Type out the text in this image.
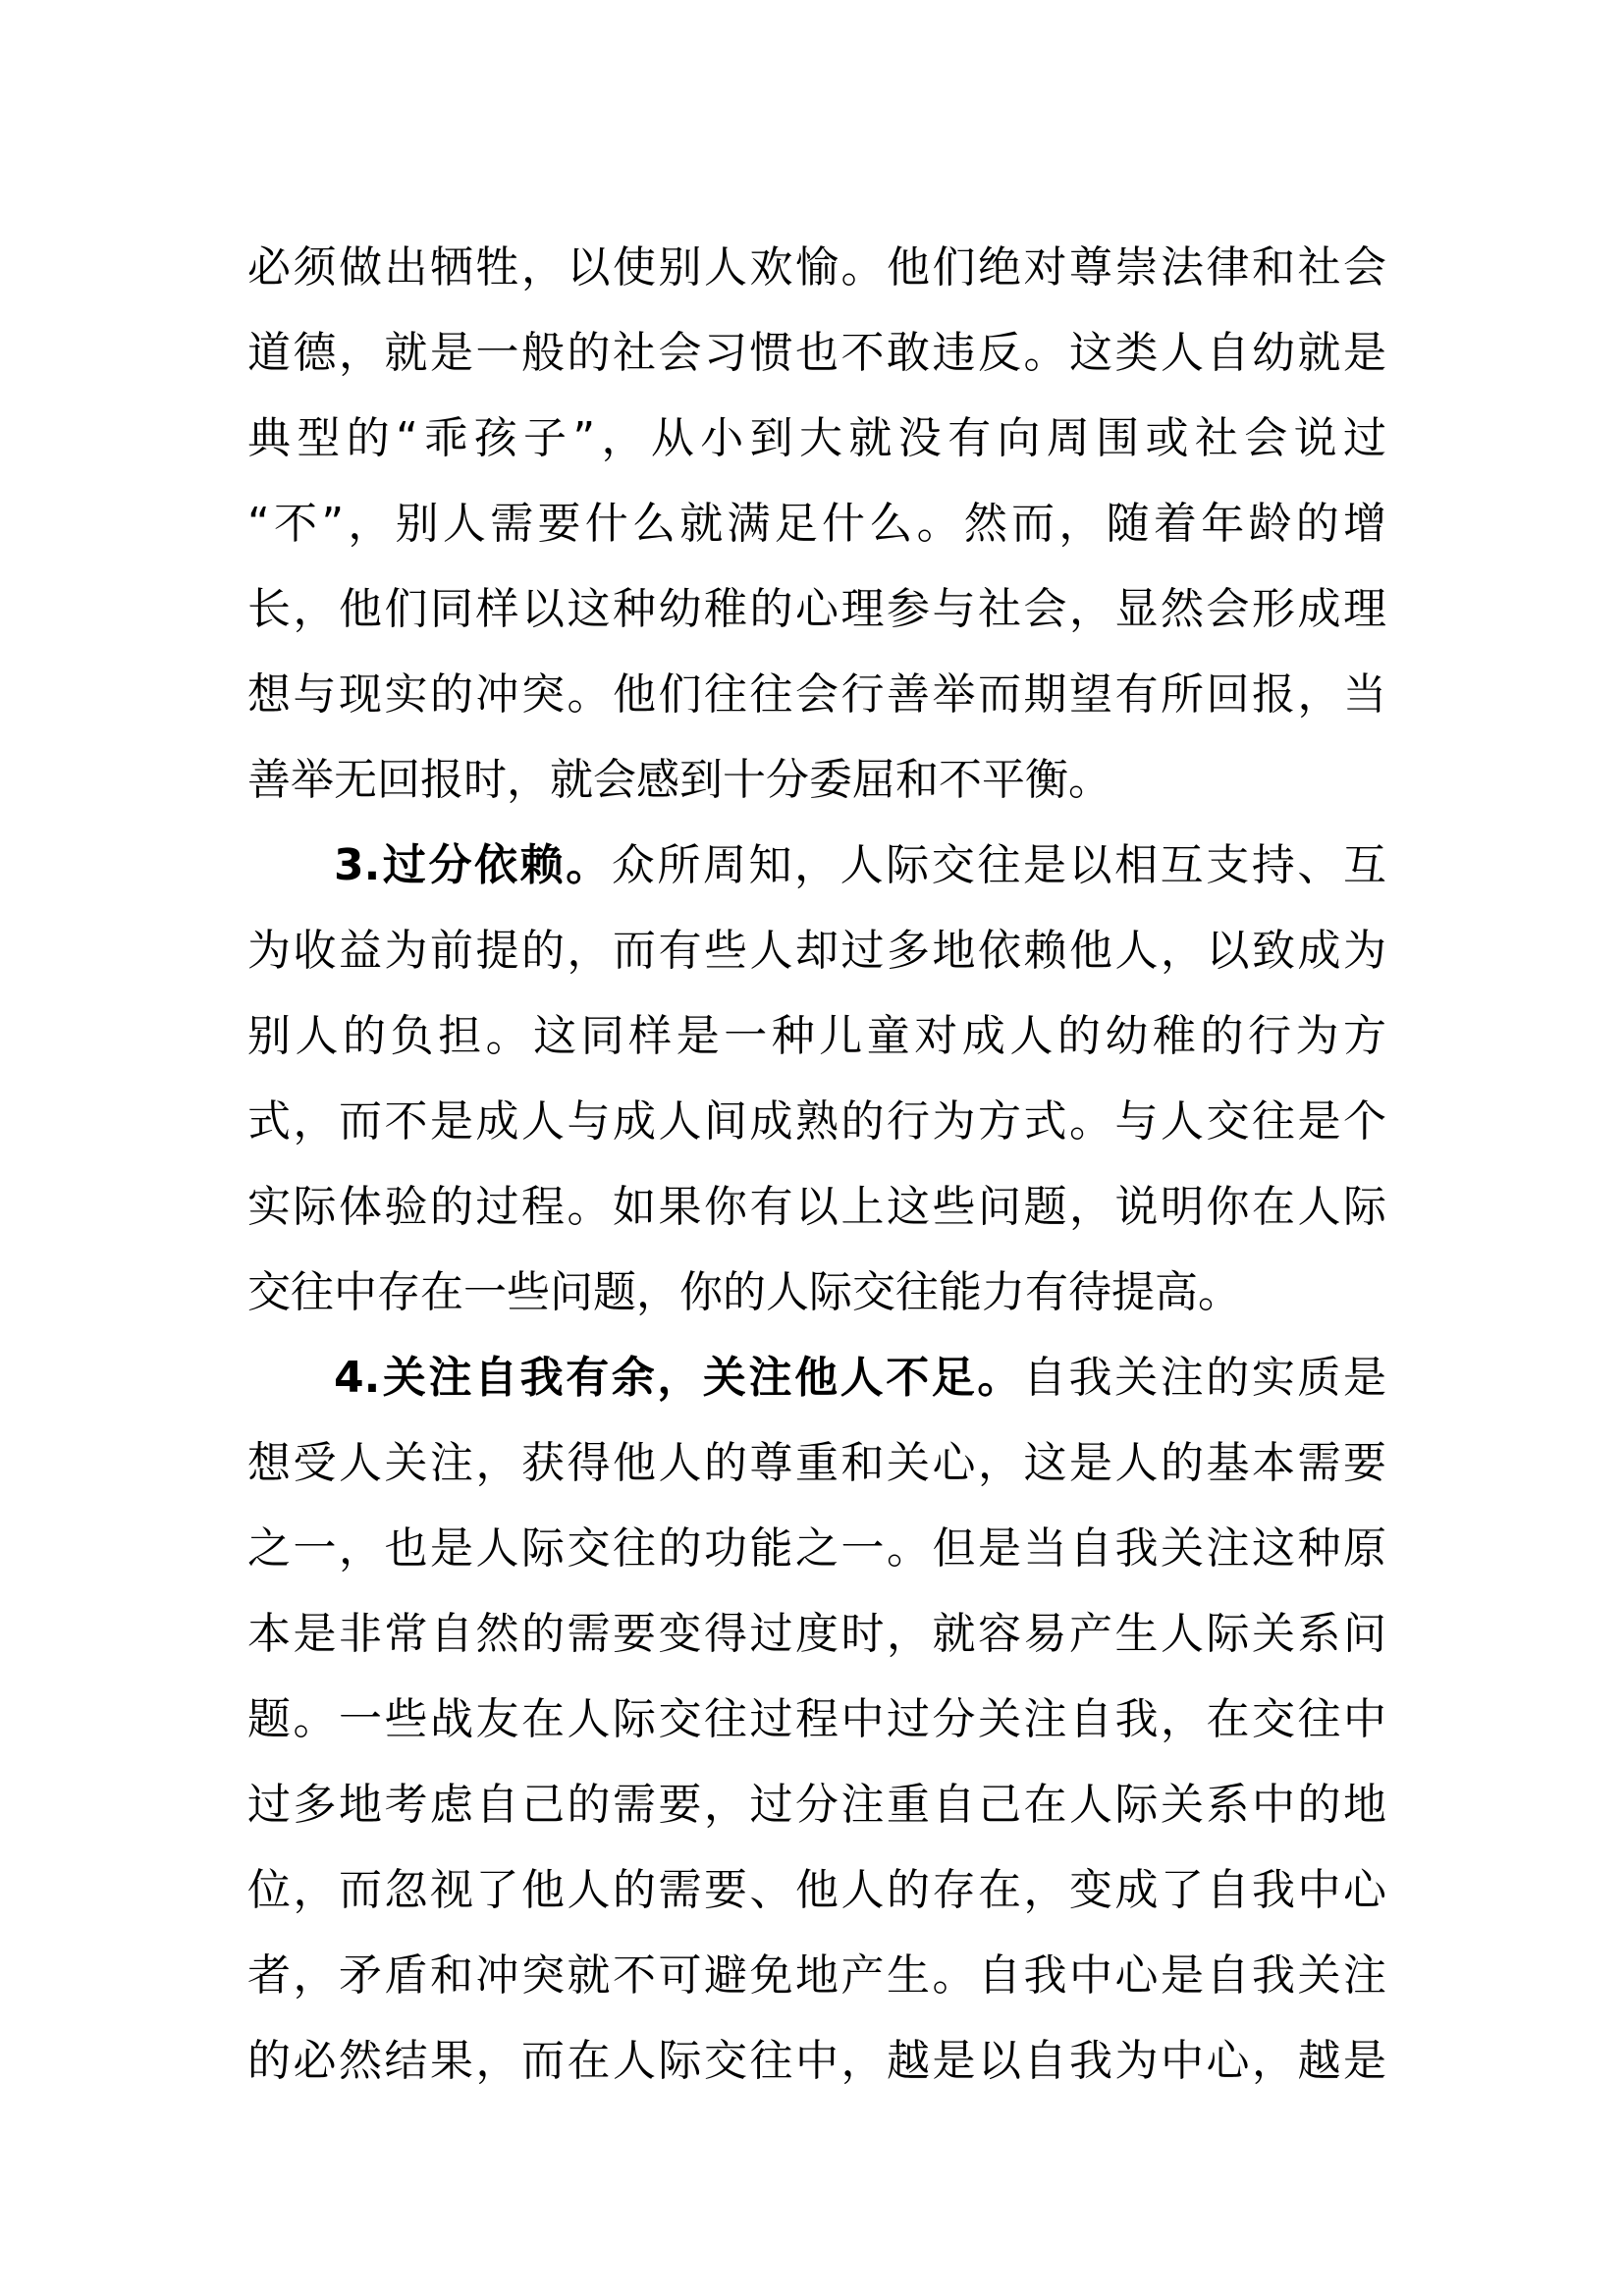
必须做出牺牲，以使别人欢愉。他们绝对尊崇法律和社会
道德，就是一般的社会习惯也不敢违反。这类人自幼就是
典型的“乖孩子”，从小到大就没有向周围或社会说过
“不”，别人需要什么就满足什么。然而，随着年龄的增
长，他们同样以这种幼稚的心理参与社会，显然会形成理
想与现实的冲突。他们往往会行善举而期望有所回报，当
善举无回报时，就会感到十分委屈和不平衡。
3.过分依赖。众所周知，人际交往是以相互支持、互
为收益为前提的，而有些人却过多地依赖他人，以致成为
别人的负担。这同样是一种儿童对成人的幼稚的行为方
式，而不是成人与成人间成熟的行为方式。与人交往是个
实际体验的过程。如果你有以上这些问题，说明你在人际
交往中存在一些问题，你的人际交往能力有待提高。
4.关注自我有余，关注他人不足。自我关注的实质是
想受人关注，获得他人的尊重和关心，这是人的基本需要
之一，也是人际交往的功能之一。但是当自我关注这种原
本是非常自然的需要变得过度时，就容易产生人际关系问
题。一些战友在人际交往过程中过分关注自我，在交往中
过多地考虑自己的需要，过分注重自己在人际关系中的地
位，而忽视了他人的需要、他人的存在，变成了自我中心
者，矛盾和冲突就不可避免地产生。自我中心是自我关注
的必然结果，而在人际交往中，越是以自我为中心，越是
